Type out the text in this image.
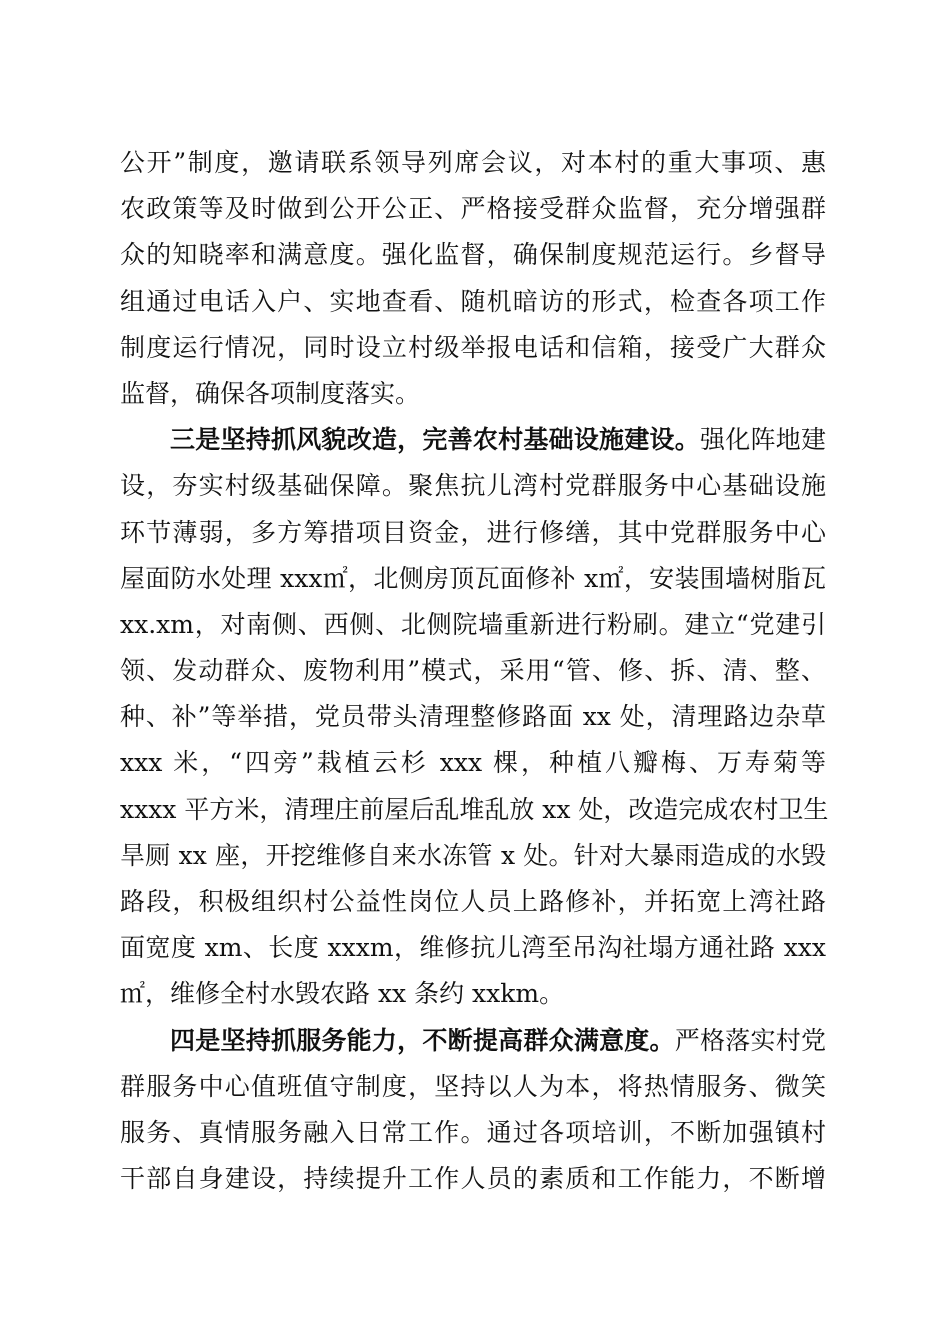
公开”制度，邀请联系领导列席会议，对本村的重大事项、惠
农政策等及时做到公开公正、严格接受群众监督，充分增强群
众的知晓率和满意度。强化监督，确保制度规范运行。乡督导
组通过电话入户、实地查看、随机暗访的形式，检查各项工作
制度运行情况，同时设立村级举报电话和信箱，接受广大群众
监督，确保各项制度落实。
三是坚持抓风貌改造，完善农村基础设施建设。强化阵地建
设，夯实村级基础保障。聚焦抗儿湾村党群服务中心基础设施
环节薄弱，多方筹措项目资金，进行修缮，其中党群服务中心
屋面防水处理 xxx㎡，北侧房顶瓦面修补 x㎡，安装围墙树脂瓦
xx.xm，对南侧、西侧、北侧院墙重新进行粉刷。建立“党建引
领、发动群众、废物利用”模式，采用“管、修、拆、清、整、
种、补”等举措，党员带头清理整修路面 xx 处，清理路边杂草
xxx 米，“四旁”栽植云杉 xxx 棵，种植八瓣梅、万寿菊等
xxxx 平方米，清理庄前屋后乱堆乱放 xx 处，改造完成农村卫生
旱厕 xx 座，开挖维修自来水冻管 x 处。针对大暴雨造成的水毁
路段，积极组织村公益性岗位人员上路修补，并拓宽上湾社路
面宽度 xm、长度 xxxm，维修抗儿湾至吊沟社塌方通社路 xxx
㎡，维修全村水毁农路 xx 条约 xxkm。
四是坚持抓服务能力，不断提高群众满意度。严格落实村党
群服务中心值班值守制度，坚持以人为本，将热情服务、微笑
服务、真情服务融入日常工作。通过各项培训，不断加强镇村
干部自身建设，持续提升工作人员的素质和工作能力，不断增
